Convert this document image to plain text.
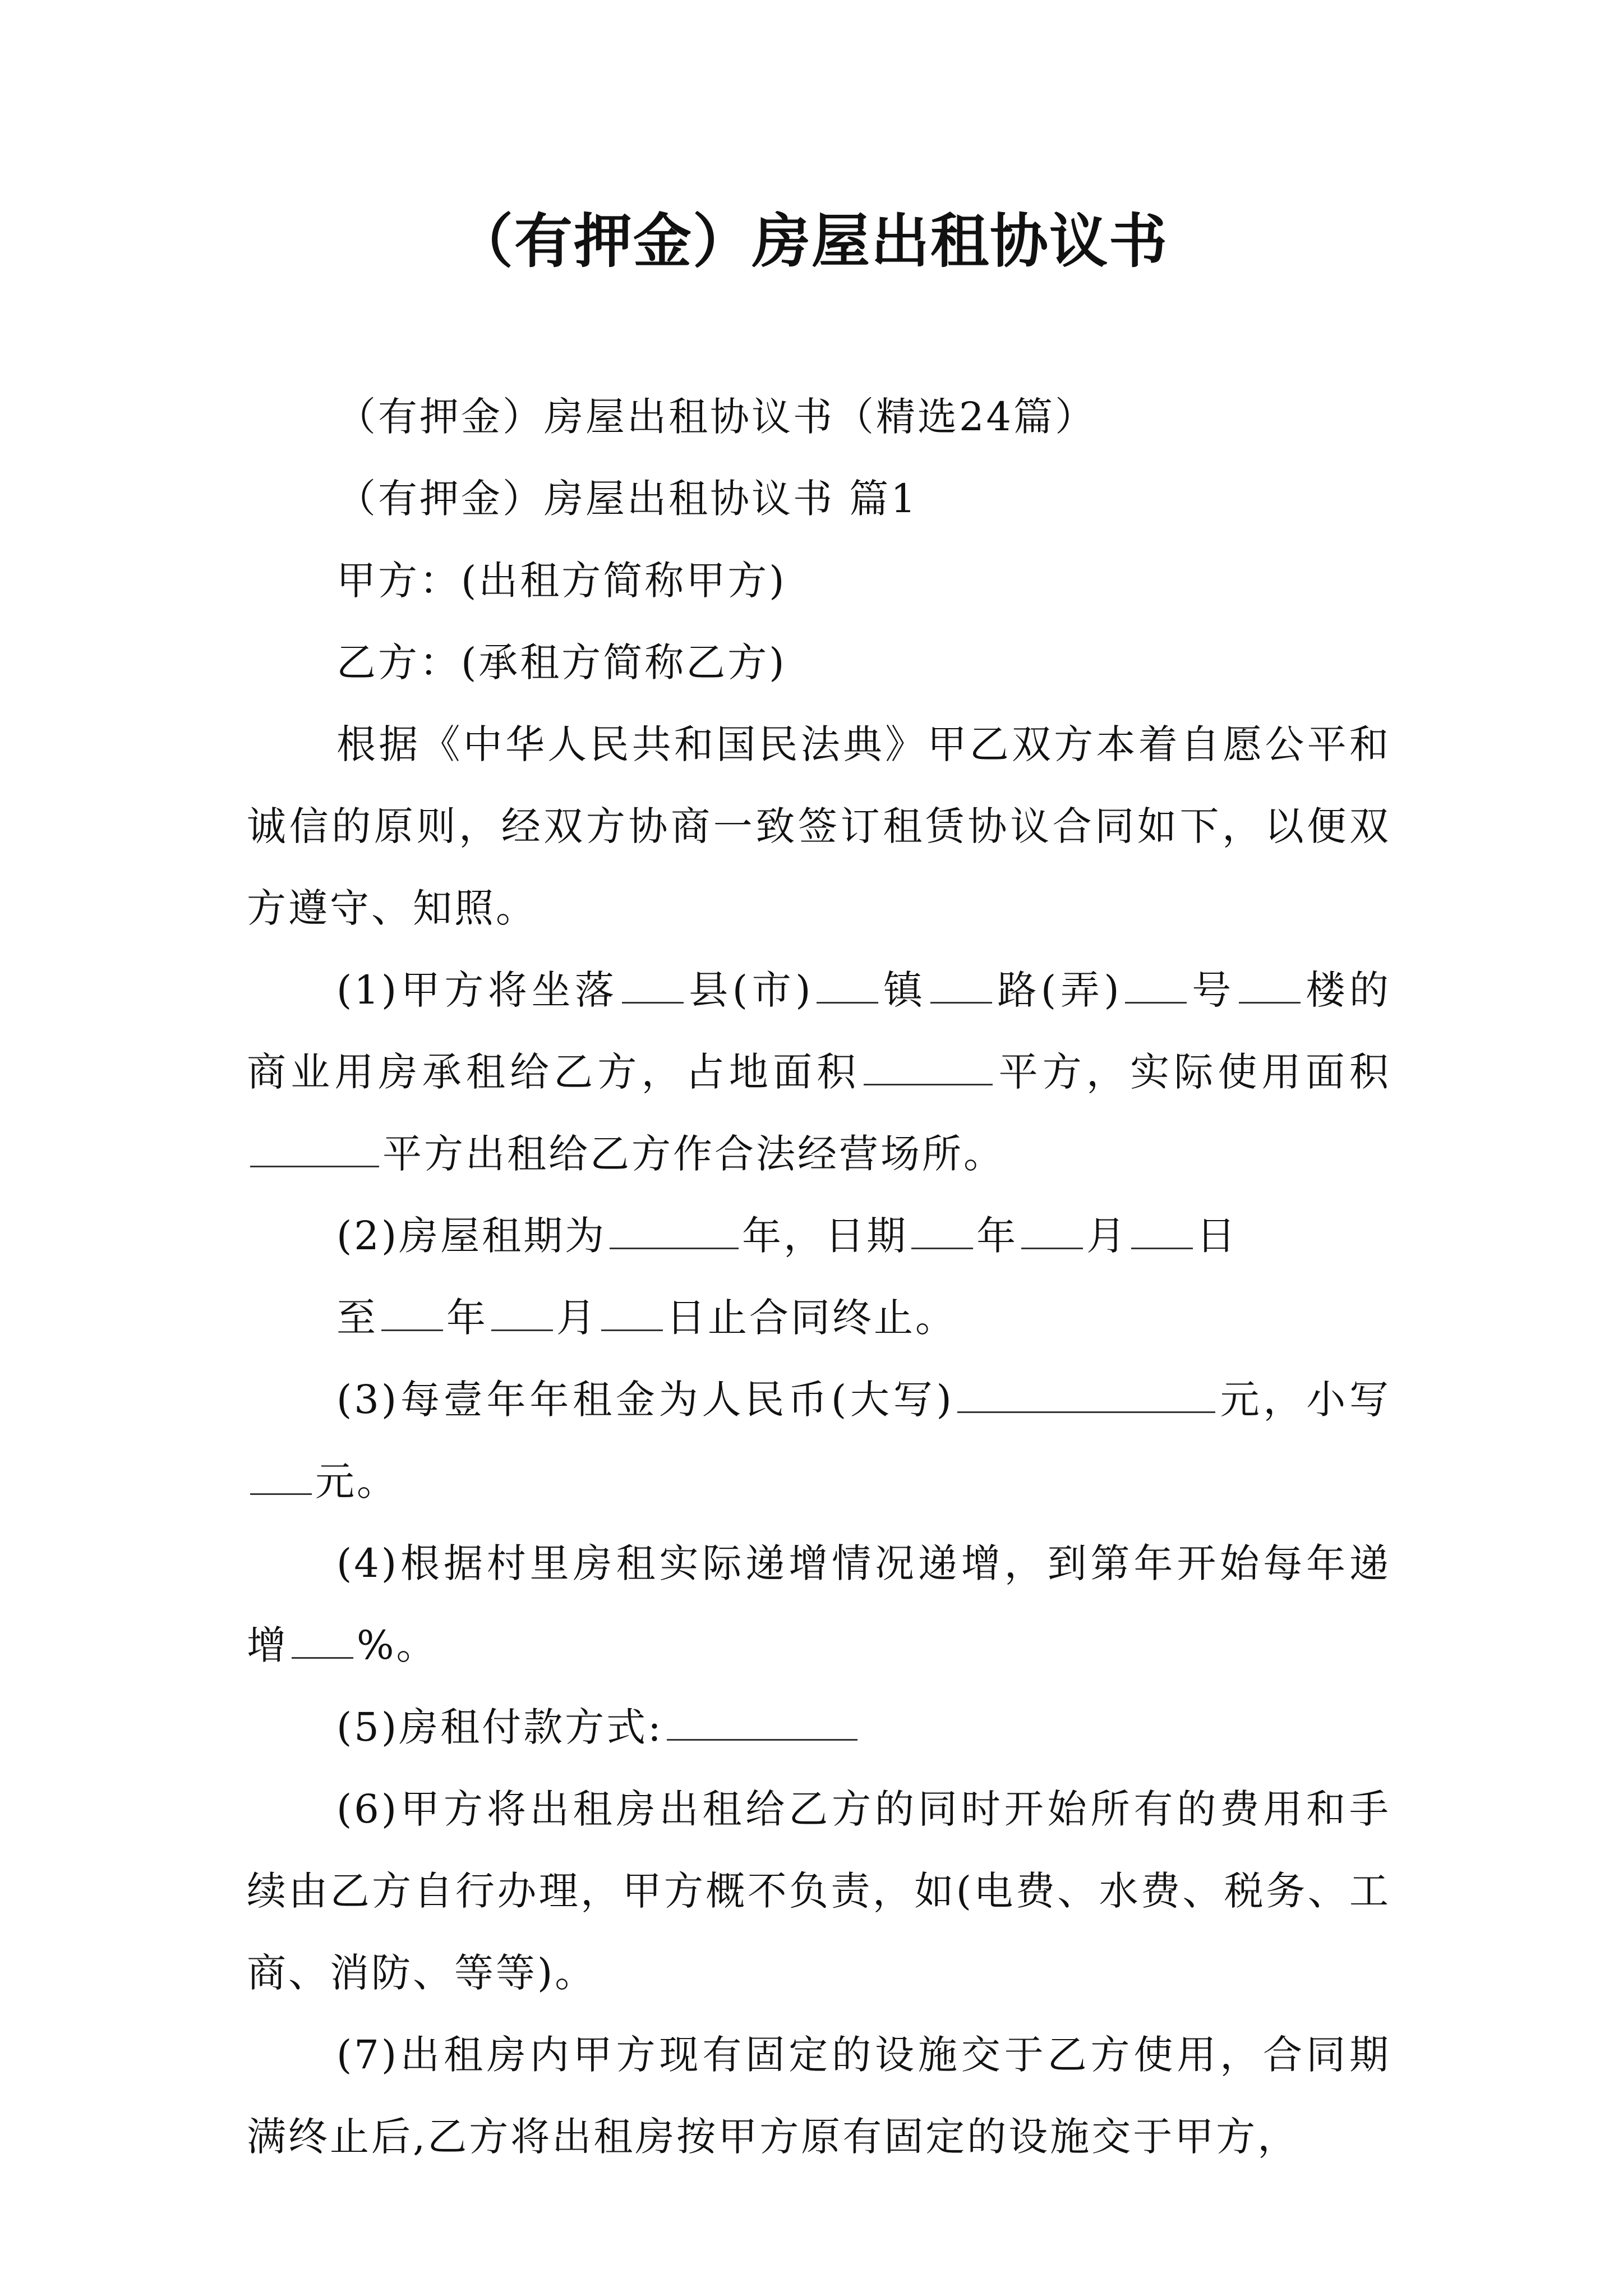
（有押金）房屋出租协议书

（有押金）房屋出租协议书（精选24篇）

（有押金）房屋出租协议书 篇1

甲方：(出租方简称甲方)

乙方：(承租方简称乙方)

根据《中华人民共和国民法典》甲乙双方本着自愿公平和诚信的原则，经双方协商一致签订租赁协议合同如下，以便双方遵守、知照。

(1)甲方将坐落 县(市) 镇 路(弄) 号 楼的商业用房承租给乙方，占地面积	平方，实际使用面积平方出租给乙方作合法经营场所。

(2)房屋租期为	年，日期 年 月 日

至 年 月 日止合同终止。

(3)每壹年年租金为人民币(大写)	元，小写元。

(4)根据村里房租实际递增情况递增，到第年开始每年递增 %。

(5)房租付款方式:

(6)甲方将出租房出租给乙方的同时开始所有的费用和手续由乙方自行办理，甲方概不负责，如(电费、水费、税务、工商、消防、等等)。

(7)出租房内甲方现有固定的设施交于乙方使用，合同期满终止后,乙方将出租房按甲方原有固定的设施交于甲方，
